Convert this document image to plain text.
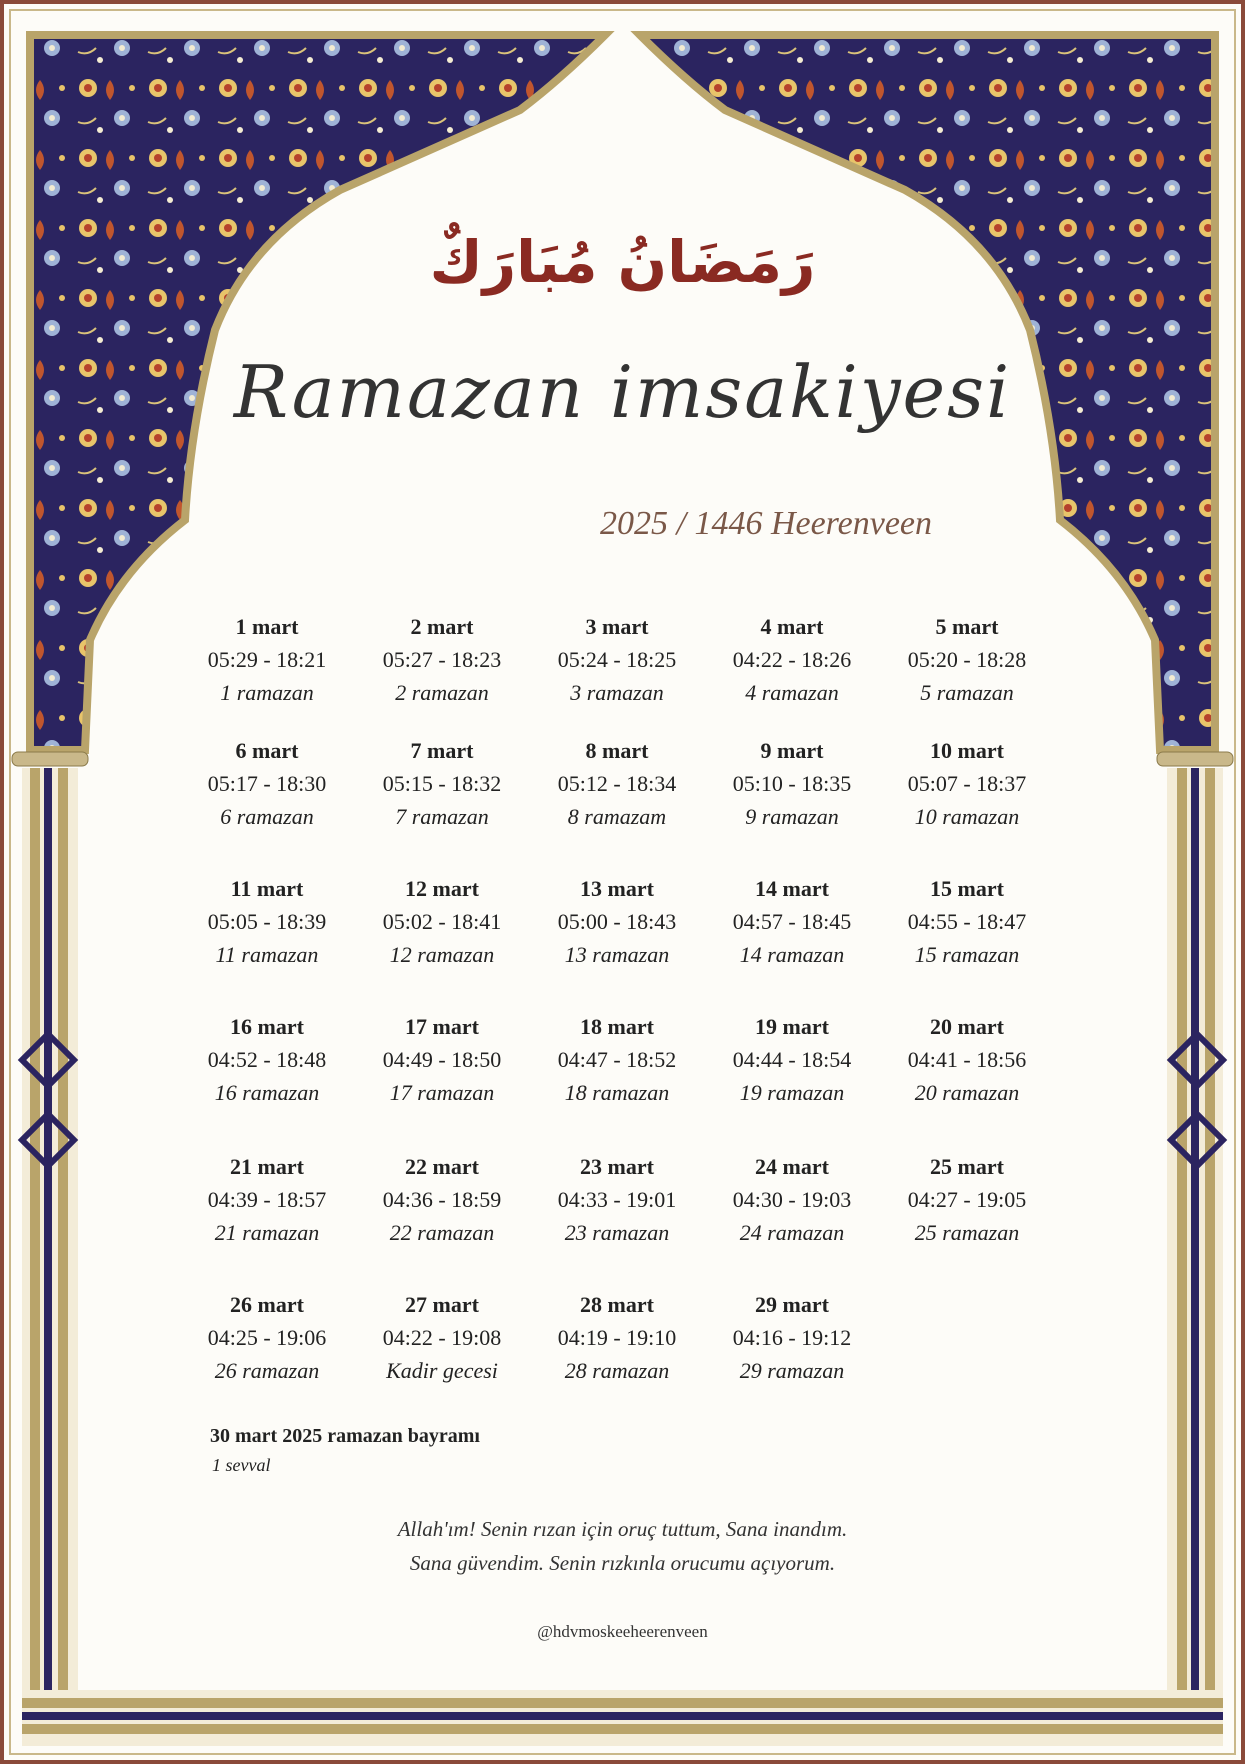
رَمَضَانُ مُبَارَكٌ
Ramazan imsakiyesi
2025 / 1446 Heerenveen
1 mart
05:29 - 18:21
1 ramazan
2 mart
05:27 - 18:23
2 ramazan
3 mart
05:24 - 18:25
3 ramazan
4 mart
04:22 - 18:26
4 ramazan
5 mart
05:20 - 18:28
5 ramazan
6 mart
05:17 - 18:30
6 ramazan
7 mart
05:15 - 18:32
7 ramazan
8 mart
05:12 - 18:34
8 ramazam
9 mart
05:10 - 18:35
9 ramazan
10 mart
05:07 - 18:37
10 ramazan
11 mart
05:05 - 18:39
11 ramazan
12 mart
05:02 - 18:41
12 ramazan
13 mart
05:00 - 18:43
13 ramazan
14 mart
04:57 - 18:45
14 ramazan
15 mart
04:55 - 18:47
15 ramazan
16 mart
04:52 - 18:48
16 ramazan
17 mart
04:49 - 18:50
17 ramazan
18 mart
04:47 - 18:52
18 ramazan
19 mart
04:44 - 18:54
19 ramazan
20 mart
04:41 - 18:56
20 ramazan
21 mart
04:39 - 18:57
21 ramazan
22 mart
04:36 - 18:59
22 ramazan
23 mart
04:33 - 19:01
23 ramazan
24 mart
04:30 - 19:03
24 ramazan
25 mart
04:27 - 19:05
25 ramazan
26 mart
04:25 - 19:06
26 ramazan
27 mart
04:22 - 19:08
Kadir gecesi
28 mart
04:19 - 19:10
28 ramazan
29 mart
04:16 - 19:12
29 ramazan
30 mart 2025 ramazan bayramı
1 sevval
Allah'ım! Senin rızan için oruç tuttum, Sana inandım.
Sana güvendim. Senin rızkınla orucumu açıyorum.
@hdvmoskeeheerenveen
